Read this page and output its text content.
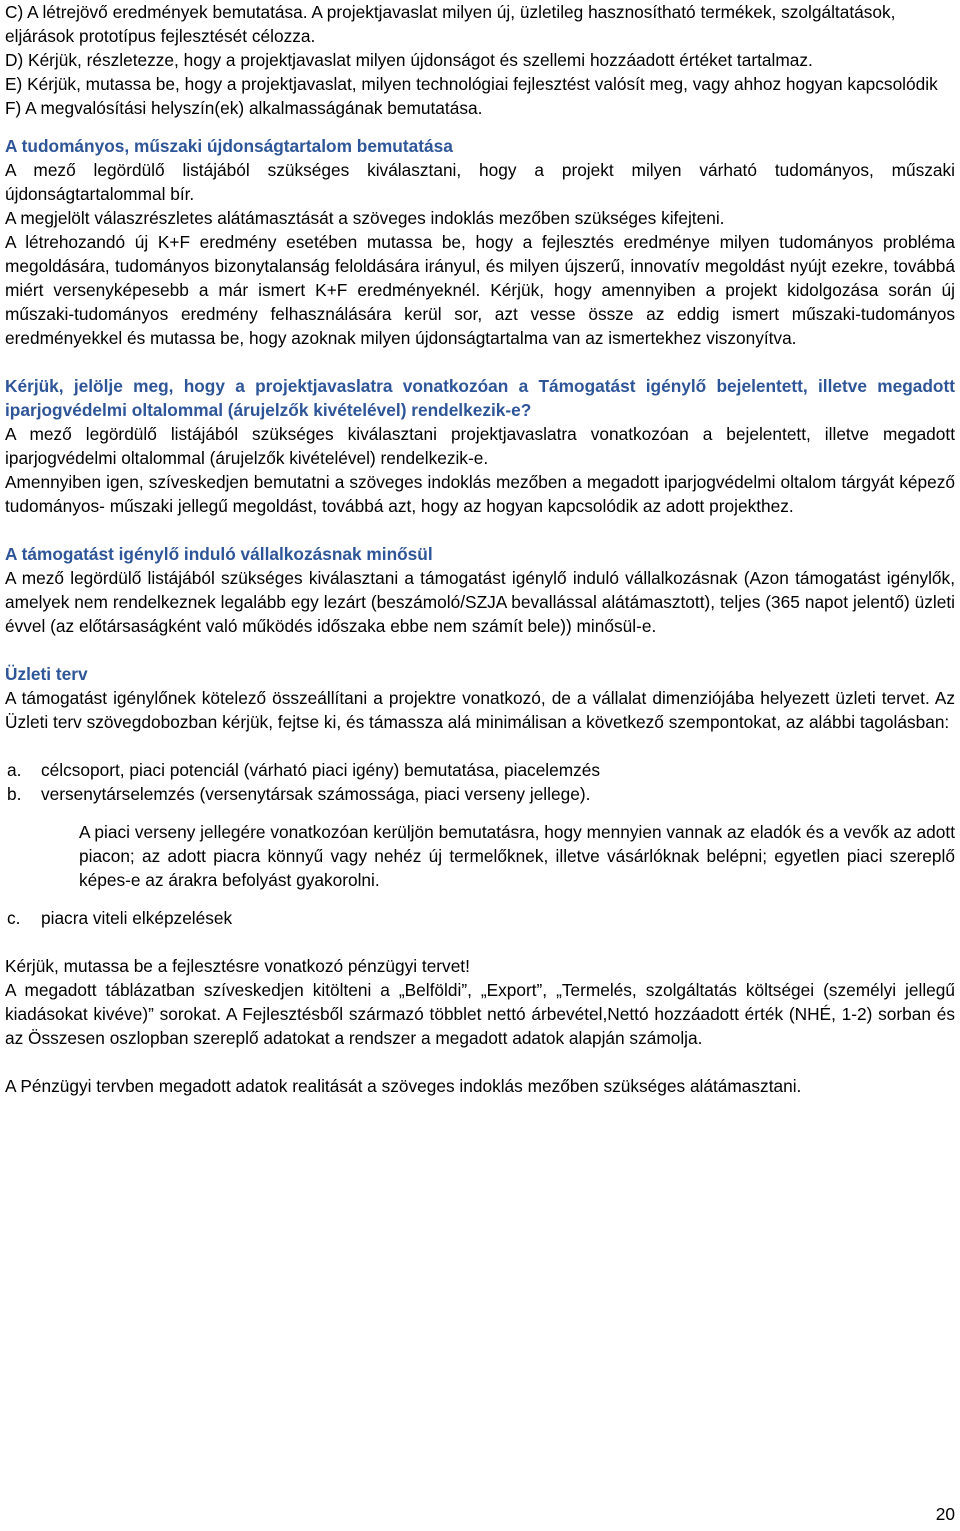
C) A létrejövő eredmények bemutatása. A projektjavaslat milyen új, üzletileg hasznosítható termékek, szolgáltatások, eljárások prototípus fejlesztését célozza.

D) Kérjük, részletezze, hogy a projektjavaslat milyen újdonságot és szellemi hozzáadott értéket tartalmaz.

E) Kérjük, mutassa be, hogy a projektjavaslat, milyen technológiai fejlesztést valósít meg, vagy ahhoz hogyan kapcsolódik

F) A megvalósítási helyszín(ek) alkalmasságának bemutatása.

A tudományos, műszaki újdonságtartalom bemutatása

A mező legördülő listájából szükséges kiválasztani, hogy a projekt milyen várható tudományos, műszaki újdonságtartalommal bír.

A megjelölt válaszrészletes alátámasztását a szöveges indoklás mezőben szükséges kifejteni.

A létrehozandó új K+F eredmény esetében mutassa be, hogy a fejlesztés eredménye milyen tudományos probléma megoldására, tudományos bizonytalanság feloldására irányul, és milyen újszerű, innovatív megoldást nyújt ezekre, továbbá miért versenyképesebb a már ismert K+F eredményeknél. Kérjük, hogy amennyiben a projekt kidolgozása során új műszaki-tudományos eredmény felhasználására kerül sor, azt vesse össze az eddig ismert műszaki-tudományos eredményekkel és mutassa be, hogy azoknak milyen újdonságtartalma van az ismertekhez viszonyítva.

Kérjük, jelölje meg, hogy a projektjavaslatra vonatkozóan a Támogatást igénylő bejelentett, illetve megadott iparjogvédelmi oltalommal (árujelzők kivételével) rendelkezik-e?

A mező legördülő listájából szükséges kiválasztani projektjavaslatra vonatkozóan a bejelentett, illetve megadott iparjogvédelmi oltalommal (árujelzők kivételével) rendelkezik-e.

Amennyiben igen, szíveskedjen bemutatni a szöveges indoklás mezőben a megadott iparjogvédelmi oltalom tárgyát képező tudományos- műszaki jellegű megoldást, továbbá azt, hogy az hogyan kapcsolódik az adott projekthez.

A támogatást igénylő induló vállalkozásnak minősül

A mező legördülő listájából szükséges kiválasztani a támogatást igénylő induló vállalkozásnak (Azon támogatást igénylők, amelyek nem rendelkeznek legalább egy lezárt (beszámoló/SZJA bevallással alátámasztott), teljes (365 napot jelentő) üzleti évvel (az előtársaságként való működés időszaka ebbe nem számít bele)) minősül-e.

Üzleti terv

A támogatást igénylőnek kötelező összeállítani a projektre vonatkozó, de a vállalat dimenziójába helyezett üzleti tervet. Az Üzleti terv szövegdobozban kérjük, fejtse ki, és támassza alá minimálisan a következő szempontokat, az alábbi tagolásban:

a.	célcsoport, piaci potenciál (várható piaci igény) bemutatása, piacelemzés
b.	versenytárselemzés (versenytársak számossága, piaci verseny jellege).

A piaci verseny jellegére vonatkozóan kerüljön bemutatásra, hogy mennyien vannak az eladók és a vevők az adott piacon; az adott piacra könnyű vagy nehéz új termelőknek, illetve vásárlóknak belépni; egyetlen piaci szereplő képes-e az árakra befolyást gyakorolni.

c.	piacra viteli elképzelések

Kérjük, mutassa be a fejlesztésre vonatkozó pénzügyi tervet!

A megadott táblázatban szíveskedjen kitölteni a „Belföldi”, „Export”, „Termelés, szolgáltatás költségei (személyi jellegű kiadásokat kivéve)” sorokat. A Fejlesztésből származó többlet nettó árbevétel,Nettó hozzáadott érték (NHÉ, 1-2) sorban és az Összesen oszlopban szereplő adatokat a rendszer a megadott adatok alapján számolja.

A Pénzügyi tervben megadott adatok realitását a szöveges indoklás mezőben szükséges alátámasztani.

20
